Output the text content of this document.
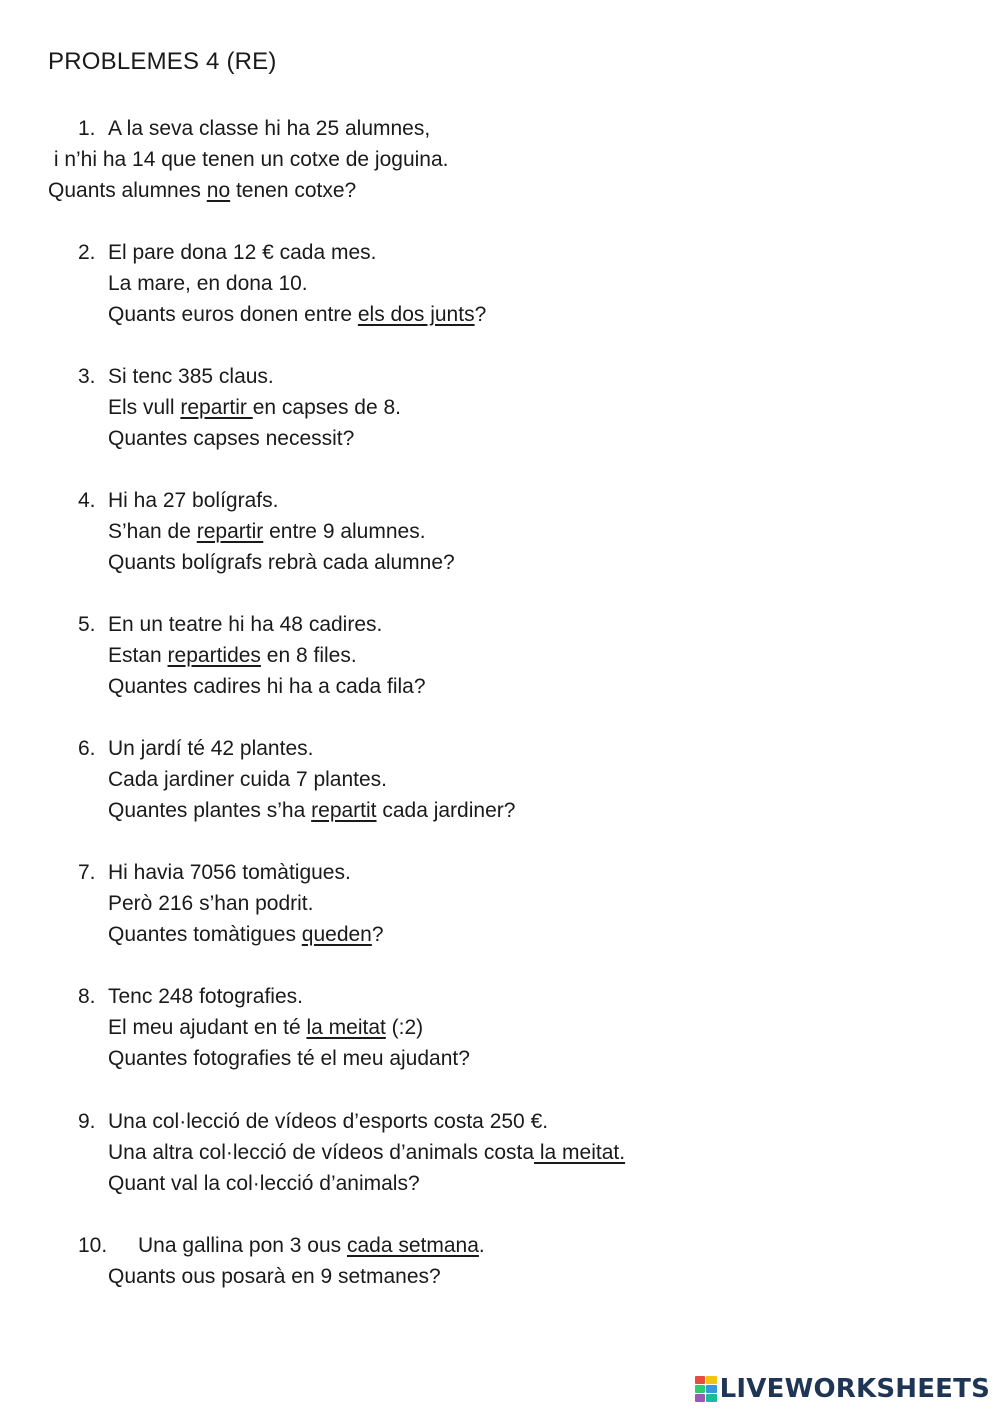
PROBLEMES 4 (RE)
1. A la seva classe hi ha 25 alumnes,
i n’hi ha 14 que tenen un cotxe de joguina.
Quants alumnes no tenen cotxe?
2. El pare dona 12 € cada mes.
La mare, en dona 10.
Quants euros donen entre els dos junts?
3. Si tenc 385 claus.
Els vull repartir en capses de 8.
Quantes capses necessit?
4. Hi ha 27 bolígrafs.
S’han de repartir entre 9 alumnes.
Quants bolígrafs rebrà cada alumne?
5. En un teatre hi ha 48 cadires.
Estan repartides en 8 files.
Quantes cadires hi ha a cada fila?
6. Un jardí té 42 plantes.
Cada jardiner cuida 7 plantes.
Quantes plantes s’ha repartit cada jardiner?
7. Hi havia 7056 tomàtigues.
Però 216 s’han podrit.
Quantes tomàtigues queden?
8. Tenc 248 fotografies.
El meu ajudant en té la meitat (:2)
Quantes fotografies té el meu ajudant?
9. Una col·lecció de vídeos d’esports costa 250 €.
Una altra col·lecció de vídeos d’animals costa la meitat.
Quant val la col·lecció d’animals?
10. Una gallina pon 3 ous cada setmana.
Quants ous posarà en 9 setmanes?
LIVEWORKSHEETS
